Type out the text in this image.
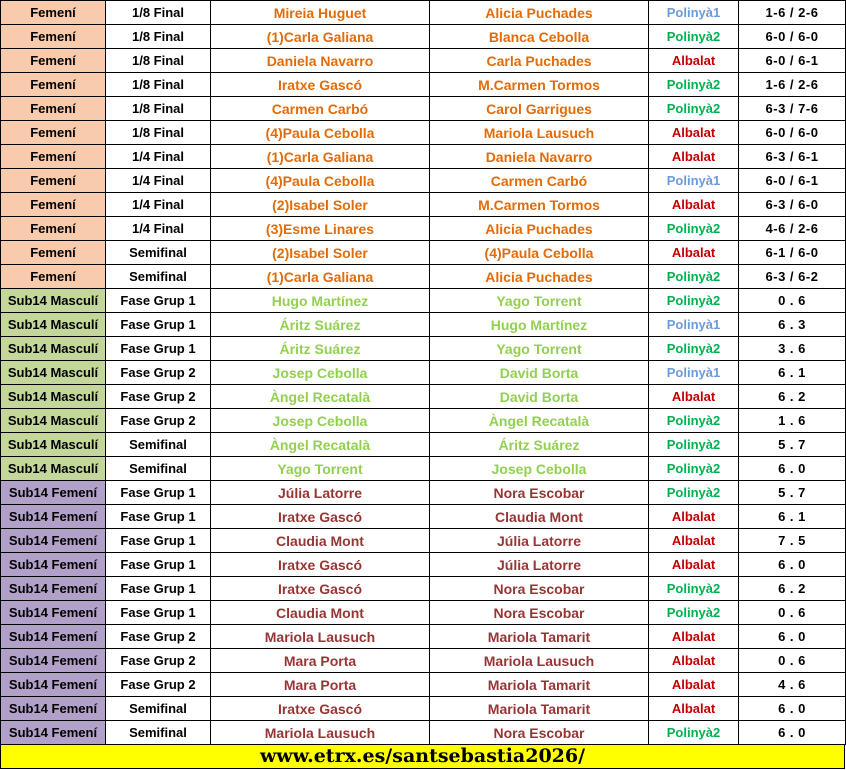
Femení	1/8 Final	Mireia Huguet	Alicia Puchades	Polinyà1	1-6 / 2-6
Femení	1/8 Final	(1)Carla Galiana	Blanca Cebolla	Polinyà2	6-0 / 6-0
Femení	1/8 Final	Daniela Navarro	Carla Puchades	Albalat	6-0 / 6-1
Femení	1/8 Final	Iratxe Gascó	M.Carmen Tormos	Polinyà2	1-6 / 2-6
Femení	1/8 Final	Carmen Carbó	Carol Garrigues	Polinyà2	6-3 / 7-6
Femení	1/8 Final	(4)Paula Cebolla	Mariola Lausuch	Albalat	6-0 / 6-0
Femení	1/4 Final	(1)Carla Galiana	Daniela Navarro	Albalat	6-3 / 6-1
Femení	1/4 Final	(4)Paula Cebolla	Carmen Carbó	Polinyà1	6-0 / 6-1
Femení	1/4 Final	(2)Isabel Soler	M.Carmen Tormos	Albalat	6-3 / 6-0
Femení	1/4 Final	(3)Esme Linares	Alicia Puchades	Polinyà2	4-6 / 2-6
Femení	Semifinal	(2)Isabel Soler	(4)Paula Cebolla	Albalat	6-1 / 6-0
Femení	Semifinal	(1)Carla Galiana	Alicia Puchades	Polinyà2	6-3 / 6-2
Sub14 Masculí	Fase Grup 1	Hugo Martínez	Yago Torrent	Polinyà2	0 . 6
Sub14 Masculí	Fase Grup 1	Áritz Suárez	Hugo Martínez	Polinyà1	6 . 3
Sub14 Masculí	Fase Grup 1	Áritz Suárez	Yago Torrent	Polinyà2	3 . 6
Sub14 Masculí	Fase Grup 2	Josep Cebolla	David Borta	Polinyà1	6 . 1
Sub14 Masculí	Fase Grup 2	Àngel Recatalà	David Borta	Albalat	6 . 2
Sub14 Masculí	Fase Grup 2	Josep Cebolla	Àngel Recatalà	Polinyà2	1 . 6
Sub14 Masculí	Semifinal	Àngel Recatalà	Áritz Suárez	Polinyà2	5 . 7
Sub14 Masculí	Semifinal	Yago Torrent	Josep Cebolla	Polinyà2	6 . 0
Sub14 Femení	Fase Grup 1	Júlia Latorre	Nora Escobar	Polinyà2	5 . 7
Sub14 Femení	Fase Grup 1	Iratxe Gascó	Claudia Mont	Albalat	6 . 1
Sub14 Femení	Fase Grup 1	Claudia Mont	Júlia Latorre	Albalat	7 . 5
Sub14 Femení	Fase Grup 1	Iratxe Gascó	Júlia Latorre	Albalat	6 . 0
Sub14 Femení	Fase Grup 1	Iratxe Gascó	Nora Escobar	Polinyà2	6 . 2
Sub14 Femení	Fase Grup 1	Claudia Mont	Nora Escobar	Polinyà2	0 . 6
Sub14 Femení	Fase Grup 2	Mariola Lausuch	Mariola Tamarit	Albalat	6 . 0
Sub14 Femení	Fase Grup 2	Mara Porta	Mariola Lausuch	Albalat	0 . 6
Sub14 Femení	Fase Grup 2	Mara Porta	Mariola Tamarit	Albalat	4 . 6
Sub14 Femení	Semifinal	Iratxe Gascó	Mariola Tamarit	Albalat	6 . 0
Sub14 Femení	Semifinal	Mariola Lausuch	Nora Escobar	Polinyà2	6 . 0
www.etrx.es/santsebastia2026/
